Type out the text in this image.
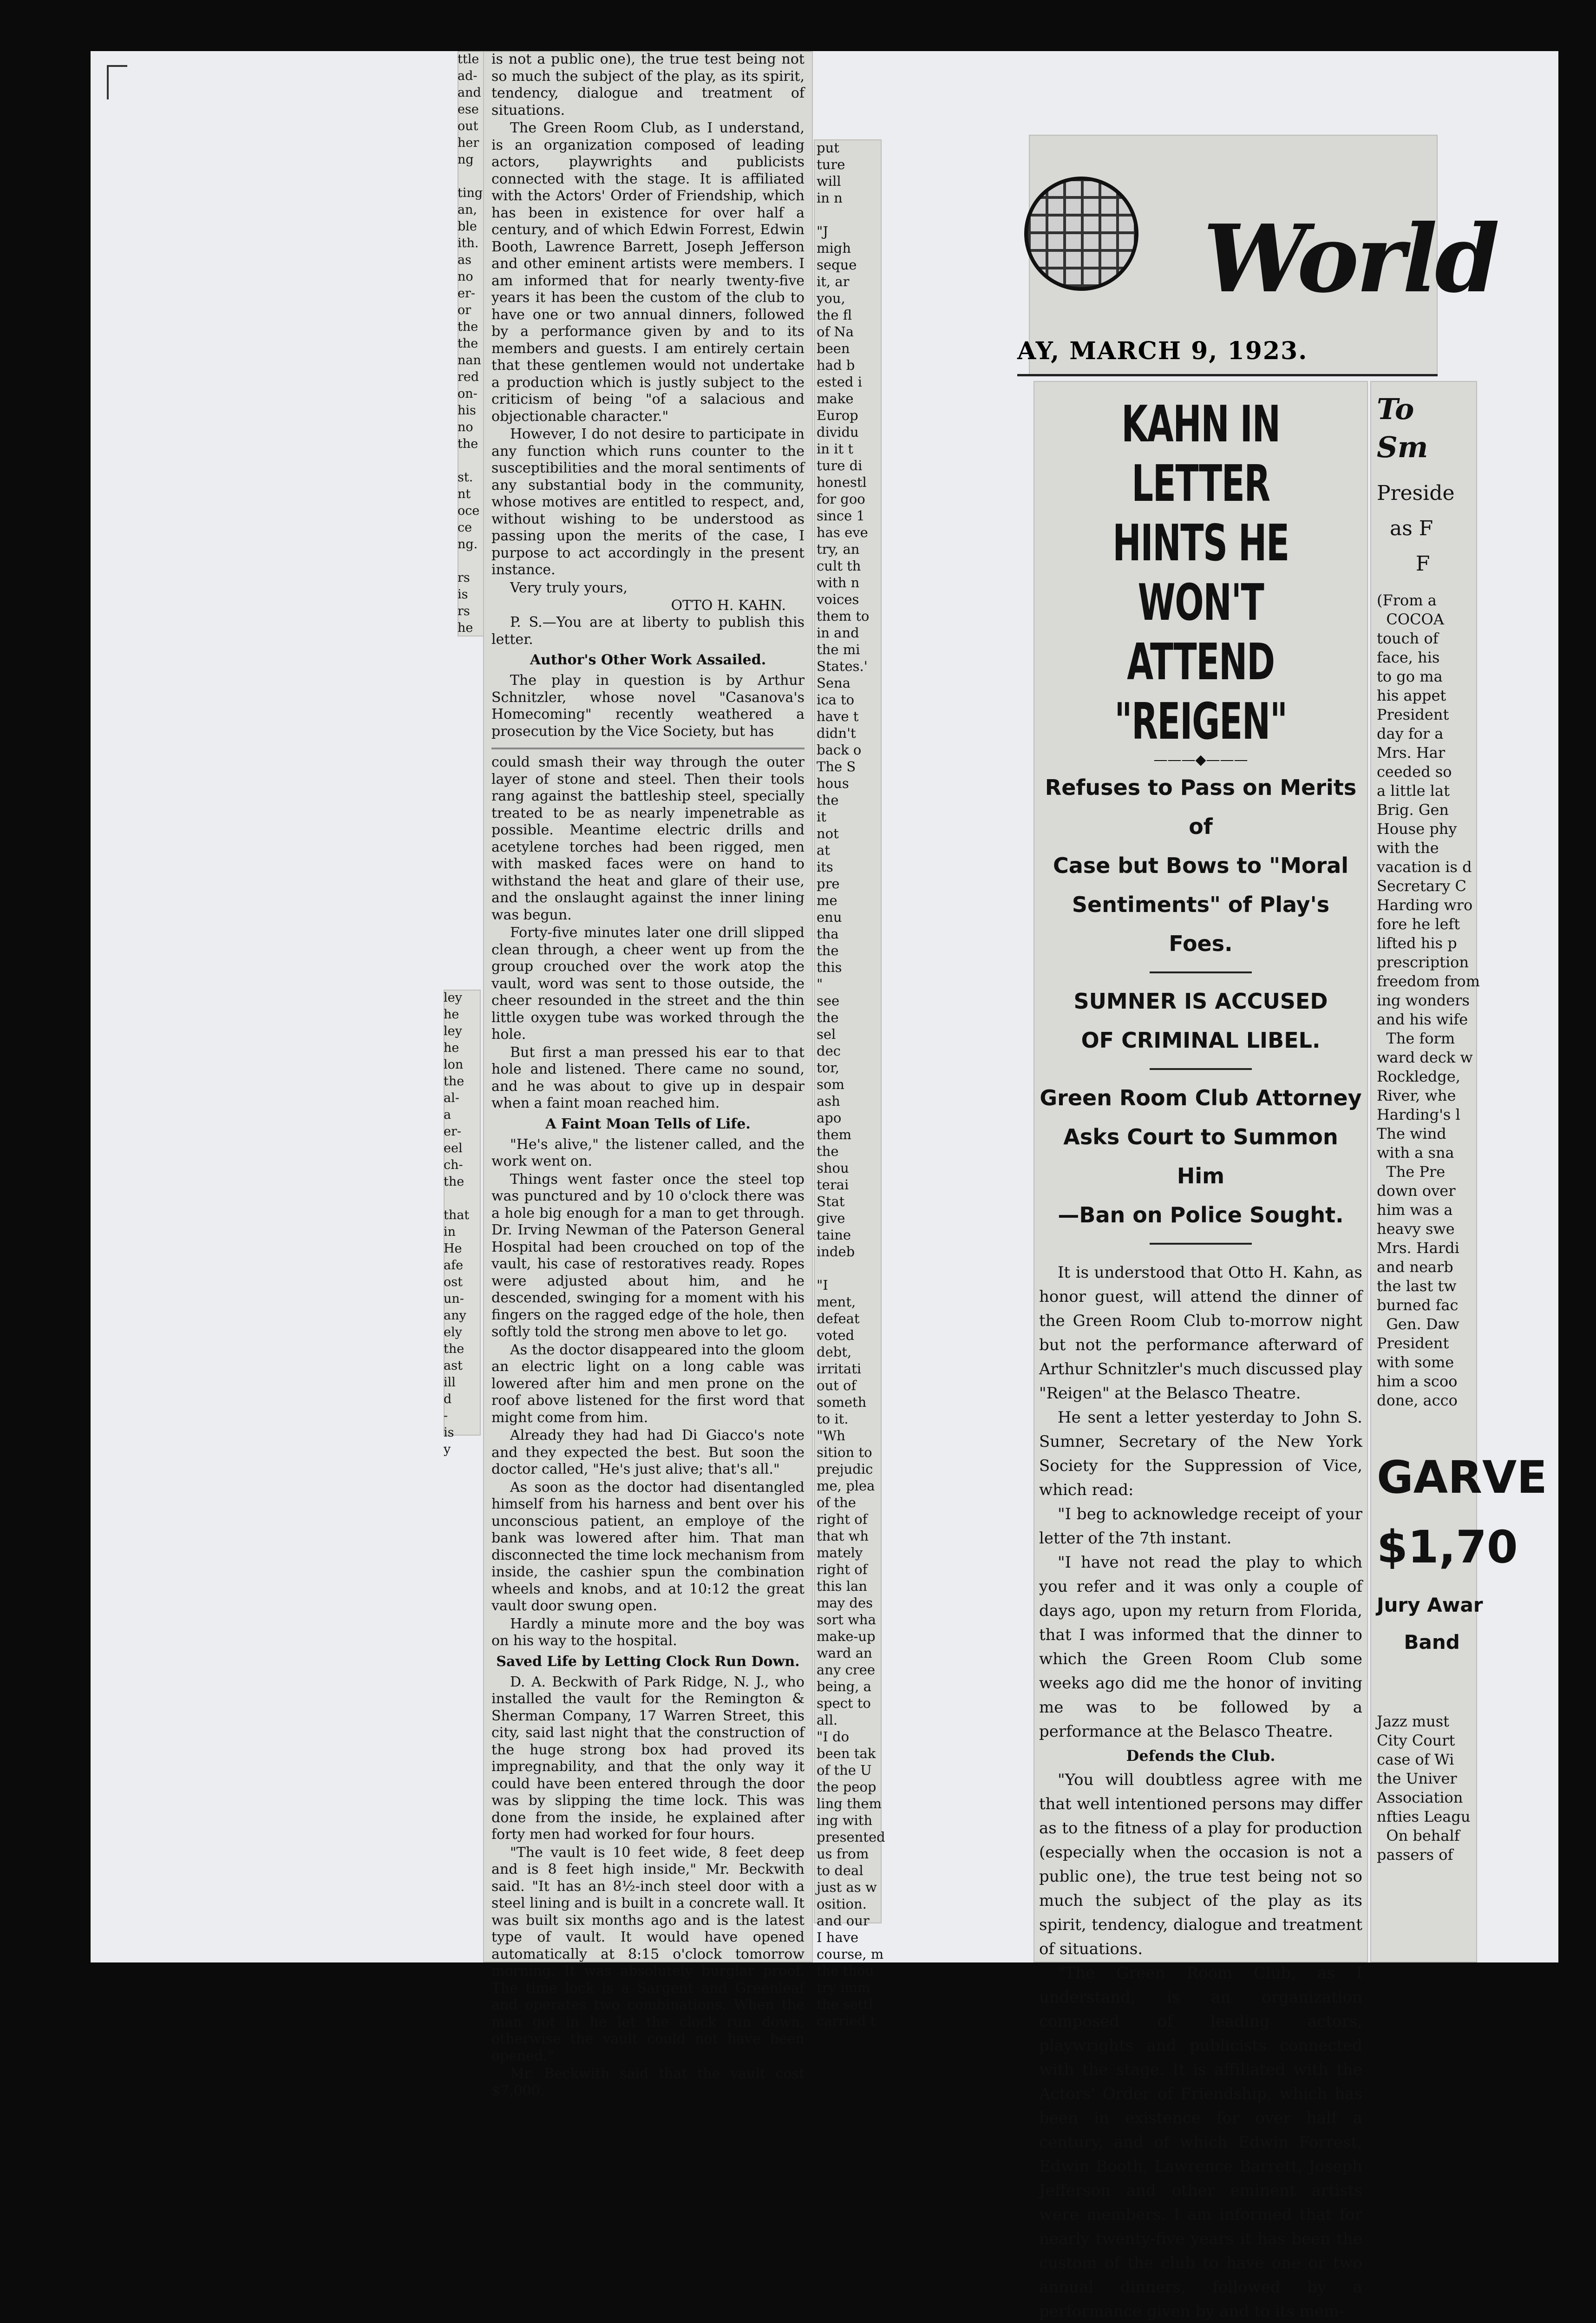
ttle
ad-
and
ese
out
her
ng

ting
an,
ble
ith.
as
no
er-
or
the
the
nan
red
on-
his
no
the

st.
nt
oce
ce
ng.

rs
is
rs
he
ley
he
ley
he
lon
the
al-
a
er-
eel
ch-
the

that
in
He
afe
ost
un-
any
ely
the
ast
ill
d
-
is
y

is not a public one), the true test being not so much the subject of the play, as its spirit, tendency, dialogue and treatment of situations.

The Green Room Club, as I understand, is an organization composed of leading actors, playwrights and publicists connected with the stage. It is affiliated with the Actors' Order of Friendship, which has been in existence for over half a century, and of which Edwin Forrest, Edwin Booth, Lawrence Barrett, Joseph Jefferson and other eminent artists were members. I am informed that for nearly twenty-five years it has been the custom of the club to have one or two annual dinners, followed by a performance given by and to its members and guests. I am entirely certain that these gentlemen would not undertake a production which is justly subject to the criticism of being "of a salacious and objectionable character."

However, I do not desire to participate in any function which runs counter to the susceptibilities and the moral sentiments of any substantial body in the community, whose motives are entitled to respect, and, without wishing to be understood as passing upon the merits of the case, I purpose to act accordingly in the present instance.

Very truly yours,

OTTO H. KAHN.

P. S.—You are at liberty to publish this letter.

Author's Other Work Assailed.

The play in question is by Arthur Schnitzler, whose novel "Casanova's Homecoming" recently weathered a prosecution by the Vice Society, but has

could smash their way through the outer layer of stone and steel. Then their tools rang against the battleship steel, specially treated to be as nearly impenetrable as possible. Meantime electric drills and acetylene torches had been rigged, men with masked faces were on hand to withstand the heat and glare of their use, and the onslaught against the inner lining was begun.

Forty-five minutes later one drill slipped clean through, a cheer went up from the group crouched over the work atop the vault, word was sent to those outside, the cheer resounded in the street and the thin little oxygen tube was worked through the hole.

But first a man pressed his ear to that hole and listened. There came no sound, and he was about to give up in despair when a faint moan reached him.

A Faint Moan Tells of Life.

"He's alive," the listener called, and the work went on.

Things went faster once the steel top was punctured and by 10 o'clock there was a hole big enough for a man to get through. Dr. Irving Newman of the Paterson General Hospital had been crouched on top of the vault, his case of restoratives ready. Ropes were adjusted about him, and he descended, swinging for a moment with his fingers on the ragged edge of the hole, then softly told the strong men above to let go.

As the doctor disappeared into the gloom an electric light on a long cable was lowered after him and men prone on the roof above listened for the first word that might come from him.

Already they had had Di Giacco's note and they expected the best. But soon the doctor called, "He's just alive; that's all."

As soon as the doctor had disentangled himself from his harness and bent over his unconscious patient, an employe of the bank was lowered after him. That man disconnected the time lock mechanism from inside, the cashier spun the combination wheels and knobs, and at 10:12 the great vault door swung open.

Hardly a minute more and the boy was on his way to the hospital.

Saved Life by Letting Clock Run Down.

D. A. Beckwith of Park Ridge, N. J., who installed the vault for the Remington & Sherman Company, 17 Warren Street, this city, said last night that the construction of the huge strong box had proved its impregnability, and that the only way it could have been entered through the door was by slipping the time lock. This was done from the inside, he explained after forty men had worked for four hours.

"The vault is 10 feet wide, 8 feet deep and is 8 feet high inside," Mr. Beckwith said. "It has an 8½-inch steel door with a steel lining and is built in a concrete wall. It was built six months ago and is the latest type of vault. It would have opened automatically at 8:15 o'clock tomorrow morning. It was absolutely burglar proof. The time lock is a Sargent and Greenleaf and operates two combinations. When the man got in he let the clock run down, otherwise the vault could not have been opened."

Mr. Beckwith said that the vault cost $7,000.

put
ture
will
in n

"J
migh
seque
it, ar
you,
the fl
of Na
been
had b
ested i
make
Europ
dividu
in it t
ture di
honestl
for goo
since 1
has eve
try, an
cult th
with n
voices
them to
in and
the mi
States.'
Sena
ica to
have t
didn't
back o
The S
hous
the
it
not
at
its
pre
me
enu
tha
the
this
"
see
the
sel
dec
tor,
som
ash
apo
them
the
shou
terai
Stat
give
taine
indeb

"I
ment,
defeat
voted
debt,
irritati
out of
someth
to it.
"Wh
sition to
prejudic
me, plea
of the
right of
that wh
mately
right of
this lan
may des
sort wha
make-up
ward an
any cree
being, a
spect to
all.
"I do
been tak
of the U
the peop
ling them
ing with
presented
us from
to deal
just as w
osition.
and our
I have
course, m
the thou
try imm
the settl
carried t
World
AY, MARCH 9, 1923.
KAHN IN LETTER
HINTS HE WON'T
ATTEND "REIGEN"
———◆———
Refuses to Pass on Merits of
Case but Bows to "Moral
Sentiments" of Play's Foes.
SUMNER IS ACCUSED
OF CRIMINAL LIBEL.
Green Room Club Attorney
Asks Court to Summon Him
—Ban on Police Sought.

It is understood that Otto H. Kahn, as honor guest, will attend the dinner of the Green Room Club to-morrow night but not the performance afterward of Arthur Schnitzler's much discussed play "Reigen" at the Belasco Theatre.

He sent a letter yesterday to John S. Sumner, Secretary of the New York Society for the Suppression of Vice, which read:

"I beg to acknowledge receipt of your letter of the 7th instant.

"I have not read the play to which you refer and it was only a couple of days ago, upon my return from Florida, that I was informed that the dinner to which the Green Room Club some weeks ago did me the honor of inviting me was to be followed by a performance at the Belasco Theatre.

Defends the Club.

"You will doubtless agree with me that well intentioned persons may differ as to the fitness of a play for production (especially when the occasion is not a public one), the true test being not so much the subject of the play as its spirit, tendency, dialogue and treatment of situations.

"The Green Room Club, as I understand, is an organization composed of leading actors, playwrights and publicists connected with the stage. It is affiliated with the Actors' Order of Friendship, which has been in existence for over half a century, and of which Edwin Forrest, Edwin Booth, Lawrence Barrett, Joseph Jefferson and other eminent artists were members. I am informed that for nearly twenty-five years it has been the custom of the club to have one or two annual dinners, followed by a performance given by and to its mem-

To
Sm
Preside
as F
F
(From a
COCOA
touch of
face, his
to go ma
his appet
President
day for a
Mrs. Har
ceeded so
a little lat
Brig. Gen
House phy
with the
vacation is d
Secretary C
Harding wro
fore he left
lifted his p
prescription
freedom from
ing wonders
and his wife
The form
ward deck w
Rockledge,
River, whe
Harding's l
The wind
with a sna
The Pre
down over
him was a
heavy swe
Mrs. Hardi
and nearb
the last tw
burned fac
Gen. Daw
President
with some
him a scoo
done, acco
GARVE
$1,70
Jury Awar
Band
Jazz must
City Court
case of Wi
the Univer
Association
nfties Leagu
On behalf
passers of
